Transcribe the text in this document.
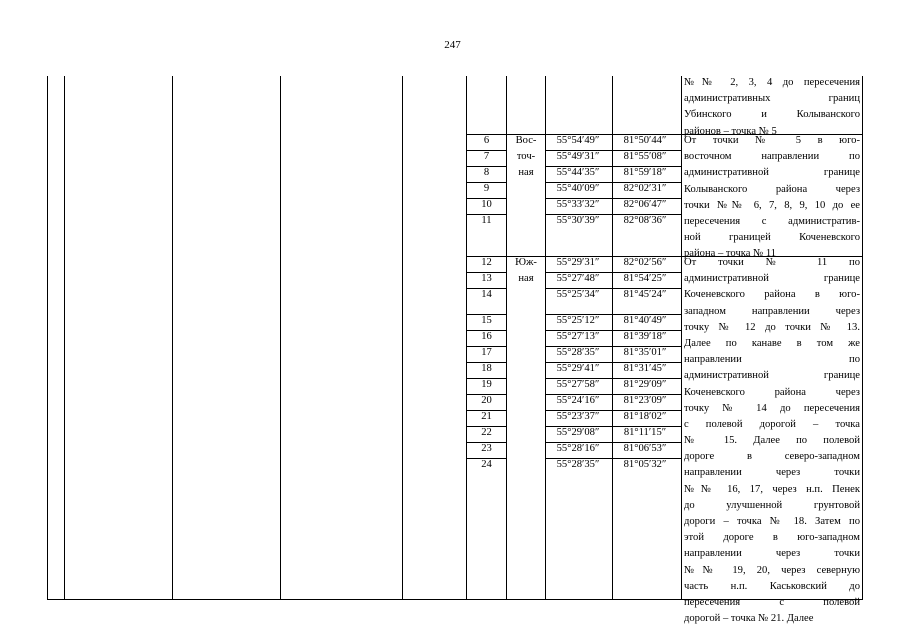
247
№№ 2, 3, 4 до пересечения
административных границ
Убинского и Колыванского
районов – точка № 5
Вос-
точ-
ная
6	55°54′49″	81°50′44″
7	55°49′31″	81°55′08″
8	55°44′35″	81°59′18″
9	55°40′09″	82°02′31″
10	55°33′32″	82°06′47″
11	55°30′39″	82°08′36″
От точки № 5 в юго-
восточном направлении по
административной границе
Колыванского района через
точки №№ 6, 7, 8, 9, 10 до ее
пересечения с административ-
ной границей Коченевского
района – точка № 11
Юж-
ная
12	55°29′31″	82°02′56″
13	55°27′48″	81°54′25″
14	55°25′34″	81°45′24″
15	55°25′12″	81°40′49″
16	55°27′13″	81°39′18″
17	55°28′35″	81°35′01″
18	55°29′41″	81°31′45″
19	55°27′58″	81°29′09″
20	55°24′16″	81°23′09″
21	55°23′37″	81°18′02″
22	55°29′08″	81°11′15″
23	55°28′16″	81°06′53″
24	55°28′35″	81°05′32″
От точки № 11 по
административной границе
Коченевского района в юго-
западном направлении через
точку № 12 до точки № 13.
Далее по канаве в том же
направлении по
административной границе
Коченевского района через
точку № 14 до пересечения
с полевой дорогой – точка
№ 15. Далее по полевой
дороге в северо-западном
направлении через точки
№№ 16, 17, через н.п. Пенек
до улучшенной грунтовой
дороги – точка № 18. Затем по
этой дороге в юго-западном
направлении через точки
№№ 19, 20, через северную
часть н.п. Каськовский до
пересечения с полевой
дорогой – точка № 21. Далее
